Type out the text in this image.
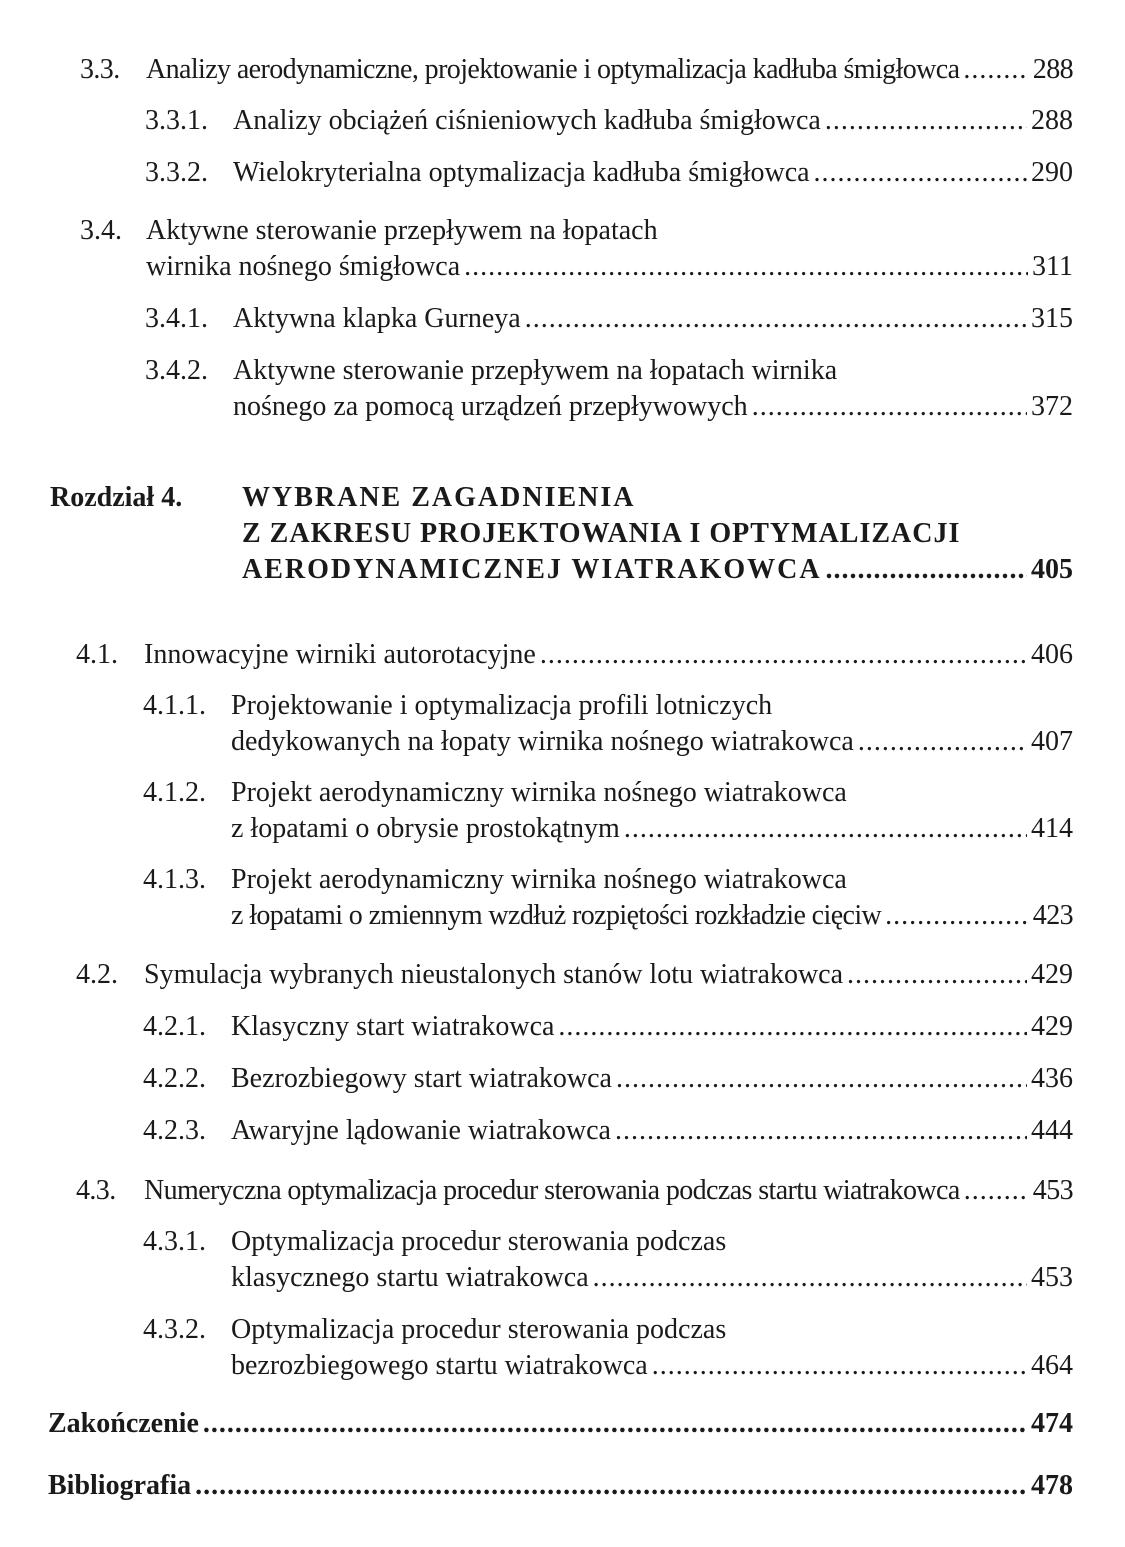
3.3. Analizy aerodynamiczne, projektowanie i optymalizacja kadłuba śmigłowca .....	288
3.3.1. Analizy obciążeń ciśnieniowych kadłuba śmigłowca .....	288
3.3.2. Wielokryterialna optymalizacja kadłuba śmigłowca .....	290
3.4. Aktywne sterowanie przepływem na łopatach
wirnika nośnego śmigłowca .....	311
3.4.1. Aktywna klapka Gurneya .....	315
3.4.2. Aktywne sterowanie przepływem na łopatach wirnika
nośnego za pomocą urządzeń przepływowych .....	372
Rozdział 4.	WYBRANE ZAGADNIENIA
Z ZAKRESU PROJEKTOWANIA I OPTYMALIZACJI
AERODYNAMICZNEJ WIATRAKOWCA .....	405
4.1. Innowacyjne wirniki autorotacyjne .....	406
4.1.1. Projektowanie i optymalizacja profili lotniczych
dedykowanych na łopaty wirnika nośnego wiatrakowca .....	407
4.1.2. Projekt aerodynamiczny wirnika nośnego wiatrakowca
z łopatami o obrysie prostokątnym .....	414
4.1.3. Projekt aerodynamiczny wirnika nośnego wiatrakowca
z łopatami o zmiennym wzdłuż rozpiętości rozkładzie cięciw .....	423
4.2. Symulacja wybranych nieustalonych stanów lotu wiatrakowca .....	429
4.2.1. Klasyczny start wiatrakowca .....	429
4.2.2. Bezrozbiegowy start wiatrakowca .....	436
4.2.3. Awaryjne lądowanie wiatrakowca .....	444
4.3.	Numeryczna optymalizacja procedur sterowania podczas startu wiatrakowca .....	453
4.3.1. Optymalizacja procedur sterowania podczas
klasycznego startu wiatrakowca .....	453
4.3.2. Optymalizacja procedur sterowania podczas
bezrozbiegowego startu wiatrakowca .....	464
Zakończenie .....	474
Bibliografia .....	478
